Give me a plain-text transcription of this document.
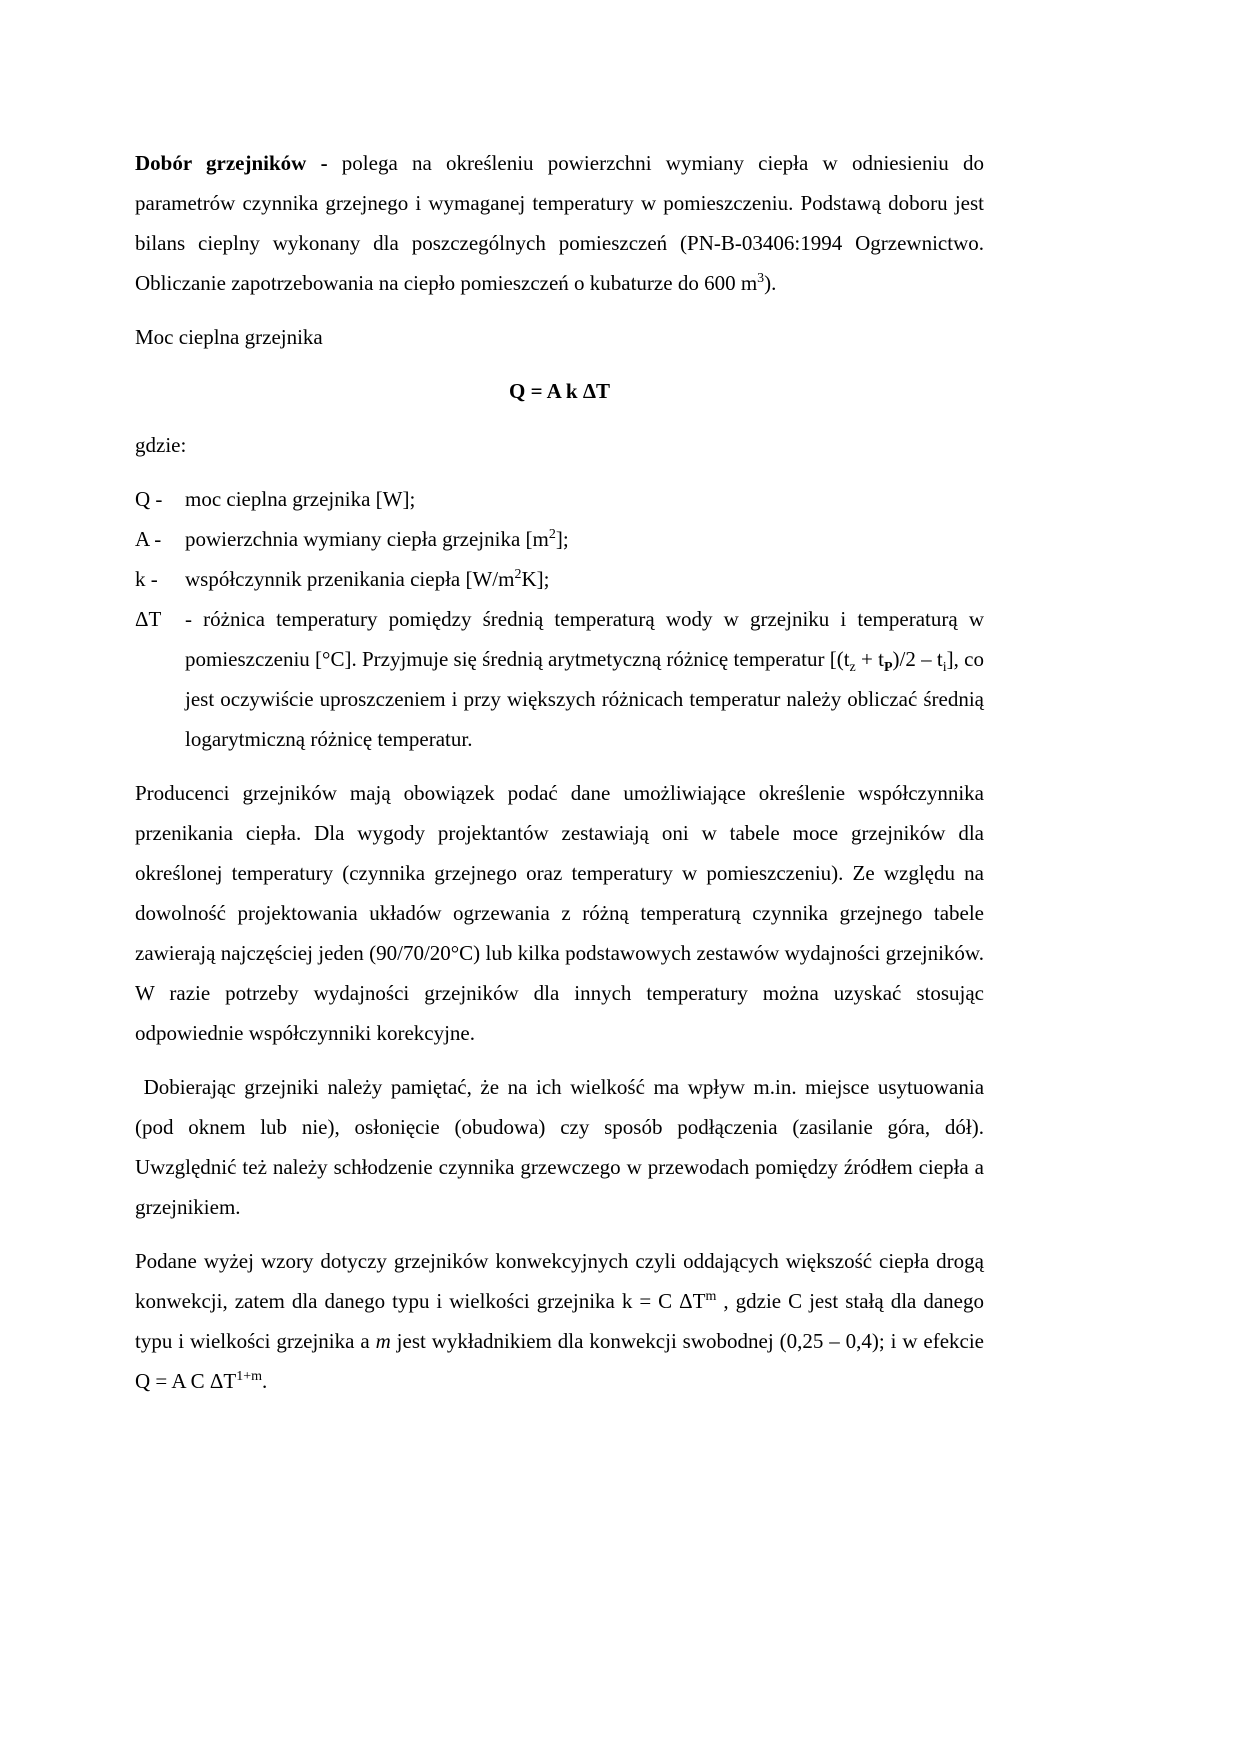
Dobór grzejników - polega na określeniu powierzchni wymiany ciepła w odniesieniu do parametrów czynnika grzejnego i wymaganej temperatury w pomieszczeniu. Podstawą doboru jest bilans cieplny wykonany dla poszczególnych pomieszczeń (PN-B-03406:1994 Ogrzewnictwo. Obliczanie zapotrzebowania na ciepło pomieszczeń o kubaturze do 600 $m^3$).

Moc cieplna grzejnika

Q = A k ΔT

gdzie:

Q -	moc cieplna grzejnika [W];
A -	powierzchnia wymiany ciepła grzejnika $[m^2]$;
k -	współczynnik przenikania ciepła $[W/m^2K]$;
ΔT	- różnica temperatury pomiędzy średnią temperaturą wody w grzejniku i temperaturą w pomieszczeniu [°C]. Przyjmuje się średnią arytmetyczną różnicę temperatur $[(t_z + t_P)/2 - t_i]$, co jest oczywiście uproszczeniem i przy większych różnicach temperatur należy obliczać średnią logarytmiczną różnicę temperatur.

Producenci grzejników mają obowiązek podać dane umożliwiające określenie współczynnika przenikania ciepła. Dla wygody projektantów zestawiają oni w tabele moce grzejników dla określonej temperatury (czynnika grzejnego oraz temperatury w pomieszczeniu). Ze względu na dowolność projektowania układów ogrzewania z różną temperaturą czynnika grzejnego tabele zawierają najczęściej jeden (90/70/20°C) lub kilka podstawowych zestawów wydajności grzejników. W razie potrzeby wydajności grzejników dla innych temperatury można uzyskać stosując odpowiednie współczynniki korekcyjne.

Dobierając grzejniki należy pamiętać, że na ich wielkość ma wpływ m.in. miejsce usytuowania (pod oknem lub nie), osłonięcie (obudowa) czy sposób podłączenia (zasilanie góra, dół). Uwzględnić też należy schłodzenie czynnika grzewczego w przewodach pomiędzy źródłem ciepła a grzejnikiem.

Podane wyżej wzory dotyczy grzejników konwekcyjnych czyli oddających większość ciepła drogą konwekcji, zatem dla danego typu i wielkości grzejnika k = C $\Delta T^m$ , gdzie C jest stałą dla danego typu i wielkości grzejnika a m jest wykładnikiem dla konwekcji swobodnej (0,25 – 0,4); i w efekcie  Q = A C $\Delta T^{1+m}$.
